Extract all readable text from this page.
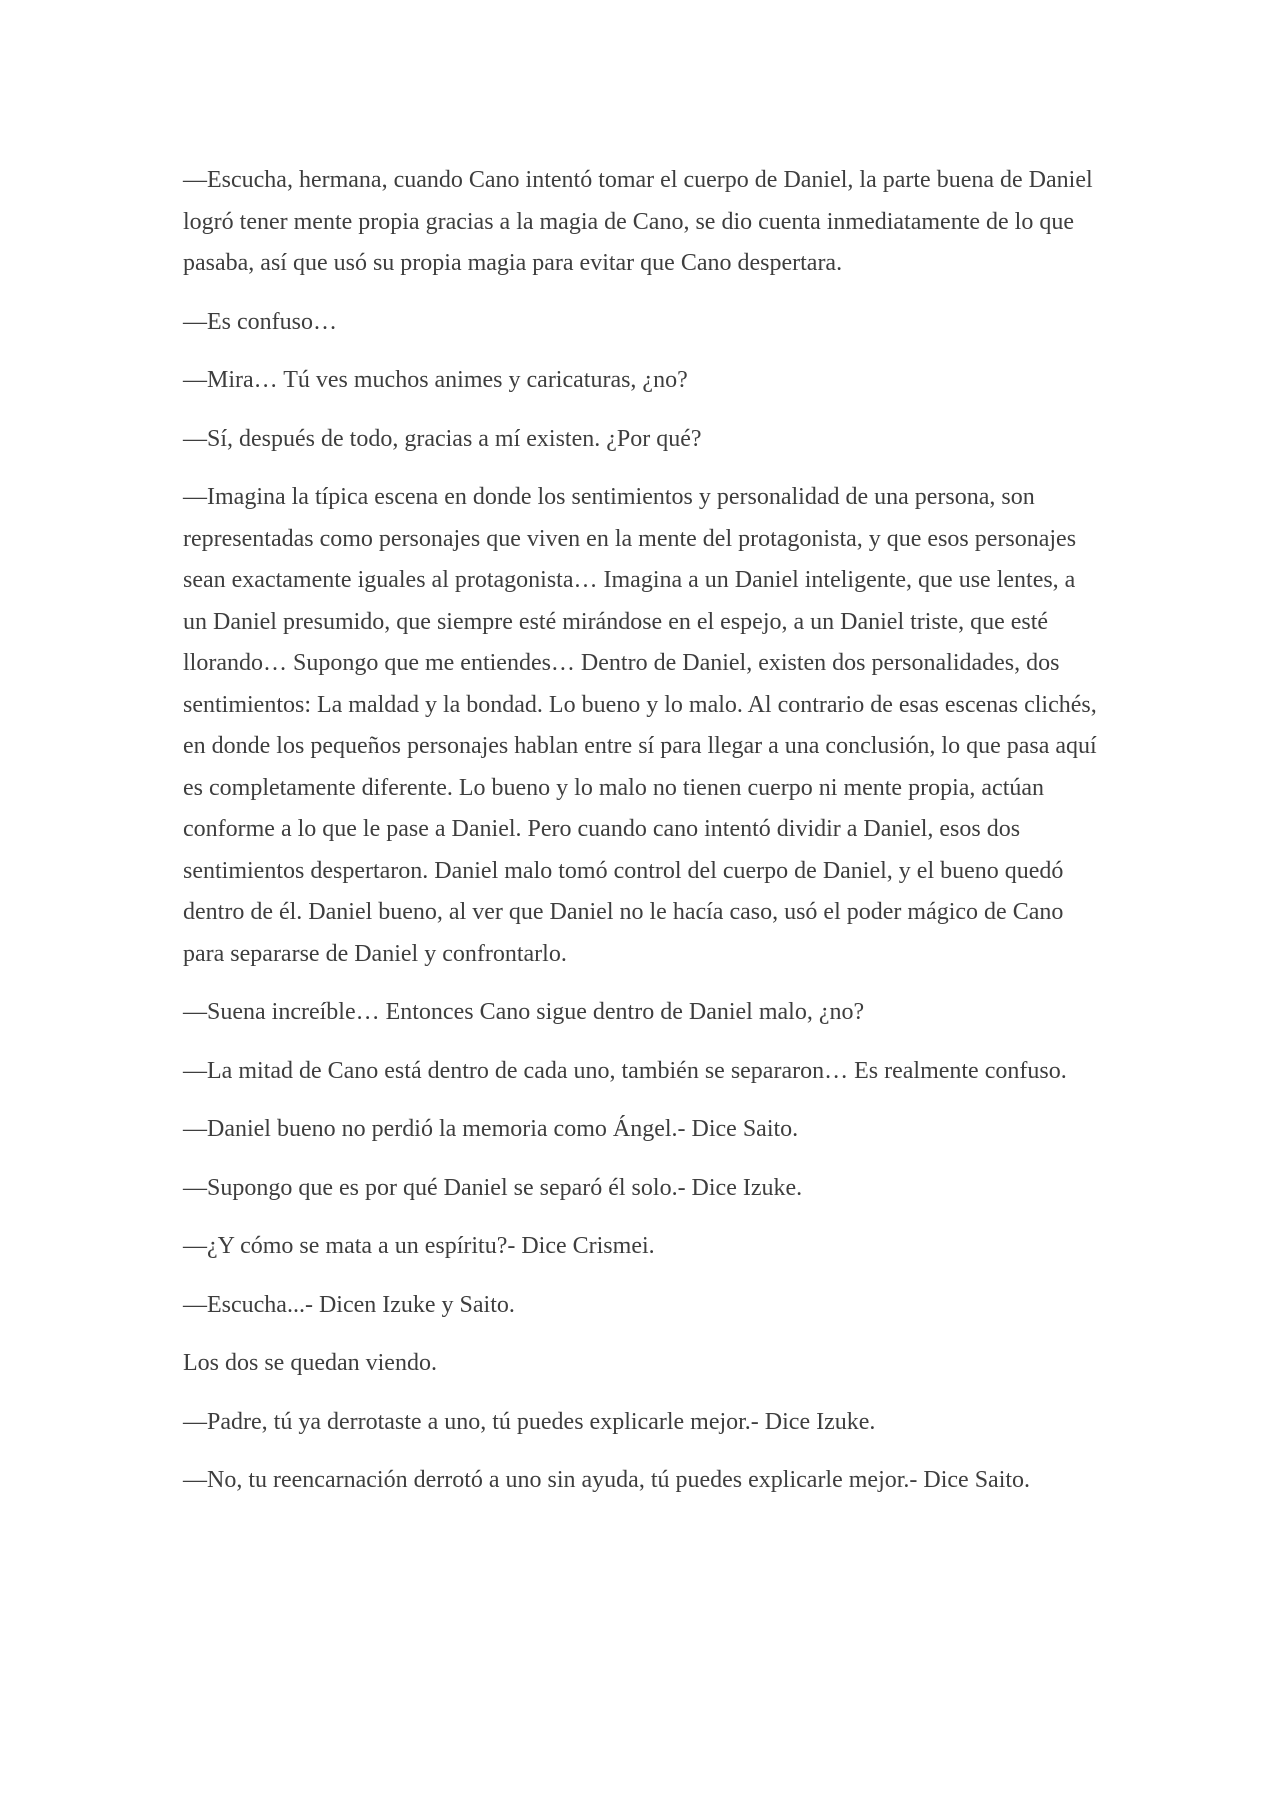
—Escucha, hermana, cuando Cano intentó tomar el cuerpo de Daniel, la parte buena de Daniel logró tener mente propia gracias a la magia de Cano, se dio cuenta inmediatamente de lo que pasaba, así que usó su propia magia para evitar que Cano despertara.

—Es confuso…

—Mira… Tú ves muchos animes y caricaturas, ¿no?

—Sí, después de todo, gracias a mí existen. ¿Por qué?

—Imagina la típica escena en donde los sentimientos y personalidad de una persona, son representadas como personajes que viven en la mente del protagonista, y que esos personajes sean exactamente iguales al protagonista… Imagina a un Daniel inteligente, que use lentes, a un Daniel presumido, que siempre esté mirándose en el espejo, a un Daniel triste, que esté llorando… Supongo que me entiendes… Dentro de Daniel, existen dos personalidades, dos sentimientos: La maldad y la bondad. Lo bueno y lo malo. Al contrario de esas escenas clichés, en donde los pequeños personajes hablan entre sí para llegar a una conclusión, lo que pasa aquí es completamente diferente. Lo bueno y lo malo no tienen cuerpo ni mente propia, actúan conforme a lo que le pase a Daniel. Pero cuando cano intentó dividir a Daniel, esos dos sentimientos despertaron. Daniel malo tomó control del cuerpo de Daniel, y el bueno quedó dentro de él. Daniel bueno, al ver que Daniel no le hacía caso, usó el poder mágico de Cano para separarse de Daniel y confrontarlo.

—Suena increíble… Entonces Cano sigue dentro de Daniel malo, ¿no?

—La mitad de Cano está dentro de cada uno, también se separaron… Es realmente confuso.

—Daniel bueno no perdió la memoria como Ángel.- Dice Saito.

—Supongo que es por qué Daniel se separó él solo.- Dice Izuke.

—¿Y cómo se mata a un espíritu?- Dice Crismei.

—Escucha...- Dicen Izuke y Saito.

Los dos se quedan viendo.

—Padre, tú ya derrotaste a uno, tú puedes explicarle mejor.- Dice Izuke.

—No, tu reencarnación derrotó a uno sin ayuda, tú puedes explicarle mejor.- Dice Saito.
